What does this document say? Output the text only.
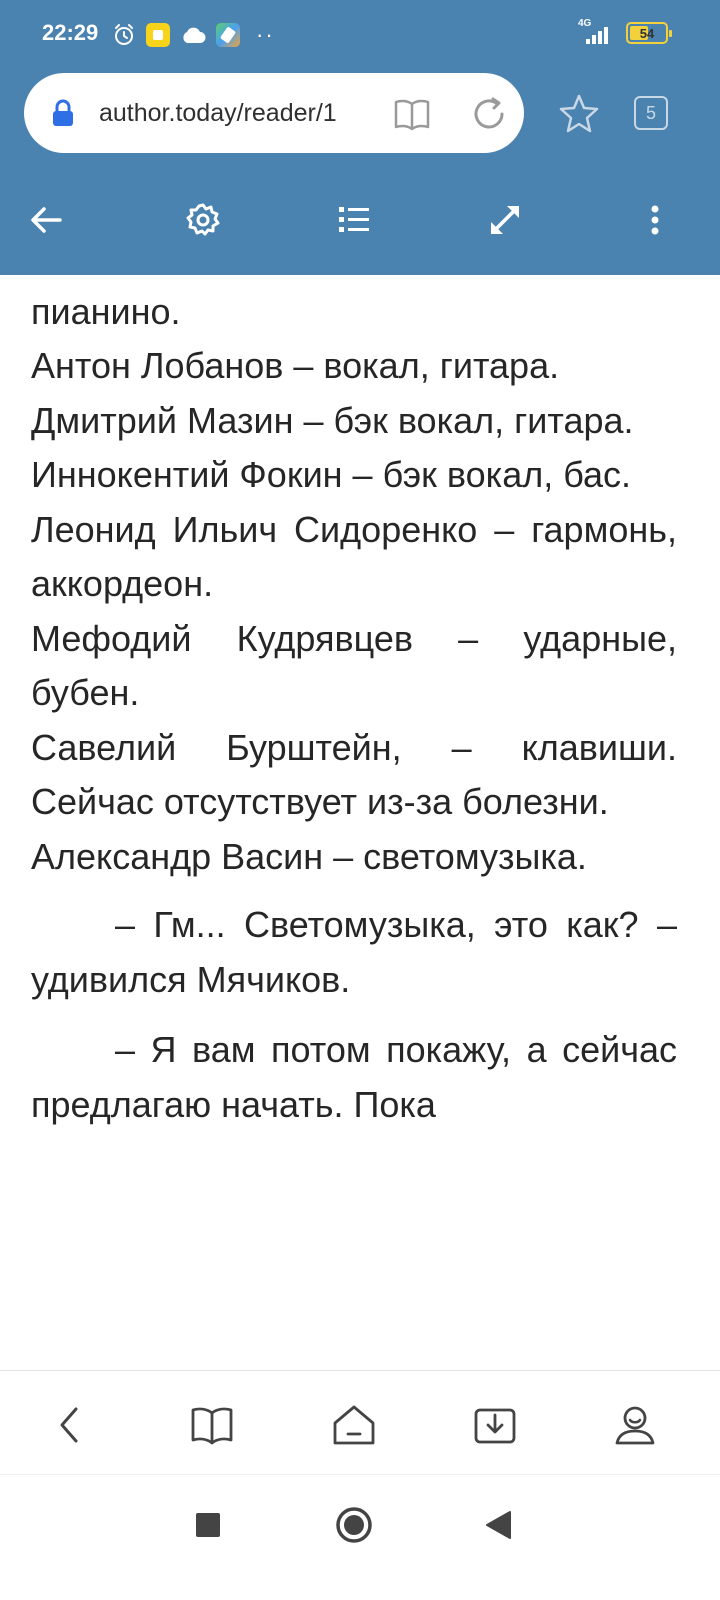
22:29	··	4G
54
author.today/reader/1	5

пианино.

Антон Лобанов – вокал, гитара.

Дмитрий Мазин – бэк вокал, гитара.

Иннокентий Фокин – бэк вокал, бас.

Леонид Ильич Сидоренко – гармонь, аккордеон.

Мефодий Кудрявцев – ударные, бубен.

Савелий Бурштейн, – клавиши. Сейчас отсутствует из-за болезни.

Александр Васин – светомузыка.

– Гм... Светомузыка, это как? – удивился Мячиков.

– Я вам потом покажу, а сейчас предлагаю начать. Пока
